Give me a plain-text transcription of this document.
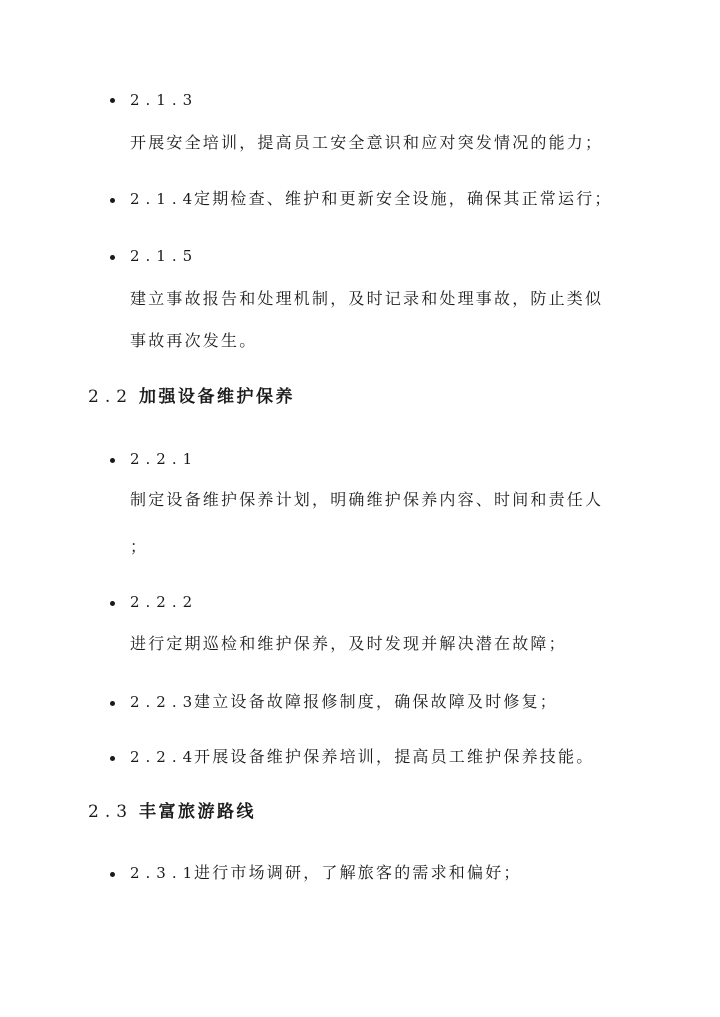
2.1.3
开展安全培训，提高员工安全意识和应对突发情况的能力；
2.1.4
定期检查、维护和更新安全设施，确保其正常运行；
2.1.5
建立事故报告和处理机制，及时记录和处理事故，防止类似
事故再次发生。
2.2 加强设备维护保养
2.2.1
制定设备维护保养计划，明确维护保养内容、时间和责任人
；
2.2.2
进行定期巡检和维护保养，及时发现并解决潜在故障；
2.2.3
建立设备故障报修制度，确保故障及时修复；
2.2.4
开展设备维护保养培训，提高员工维护保养技能。
2.3 丰富旅游路线
2.3.1
进行市场调研，了解旅客的需求和偏好；
